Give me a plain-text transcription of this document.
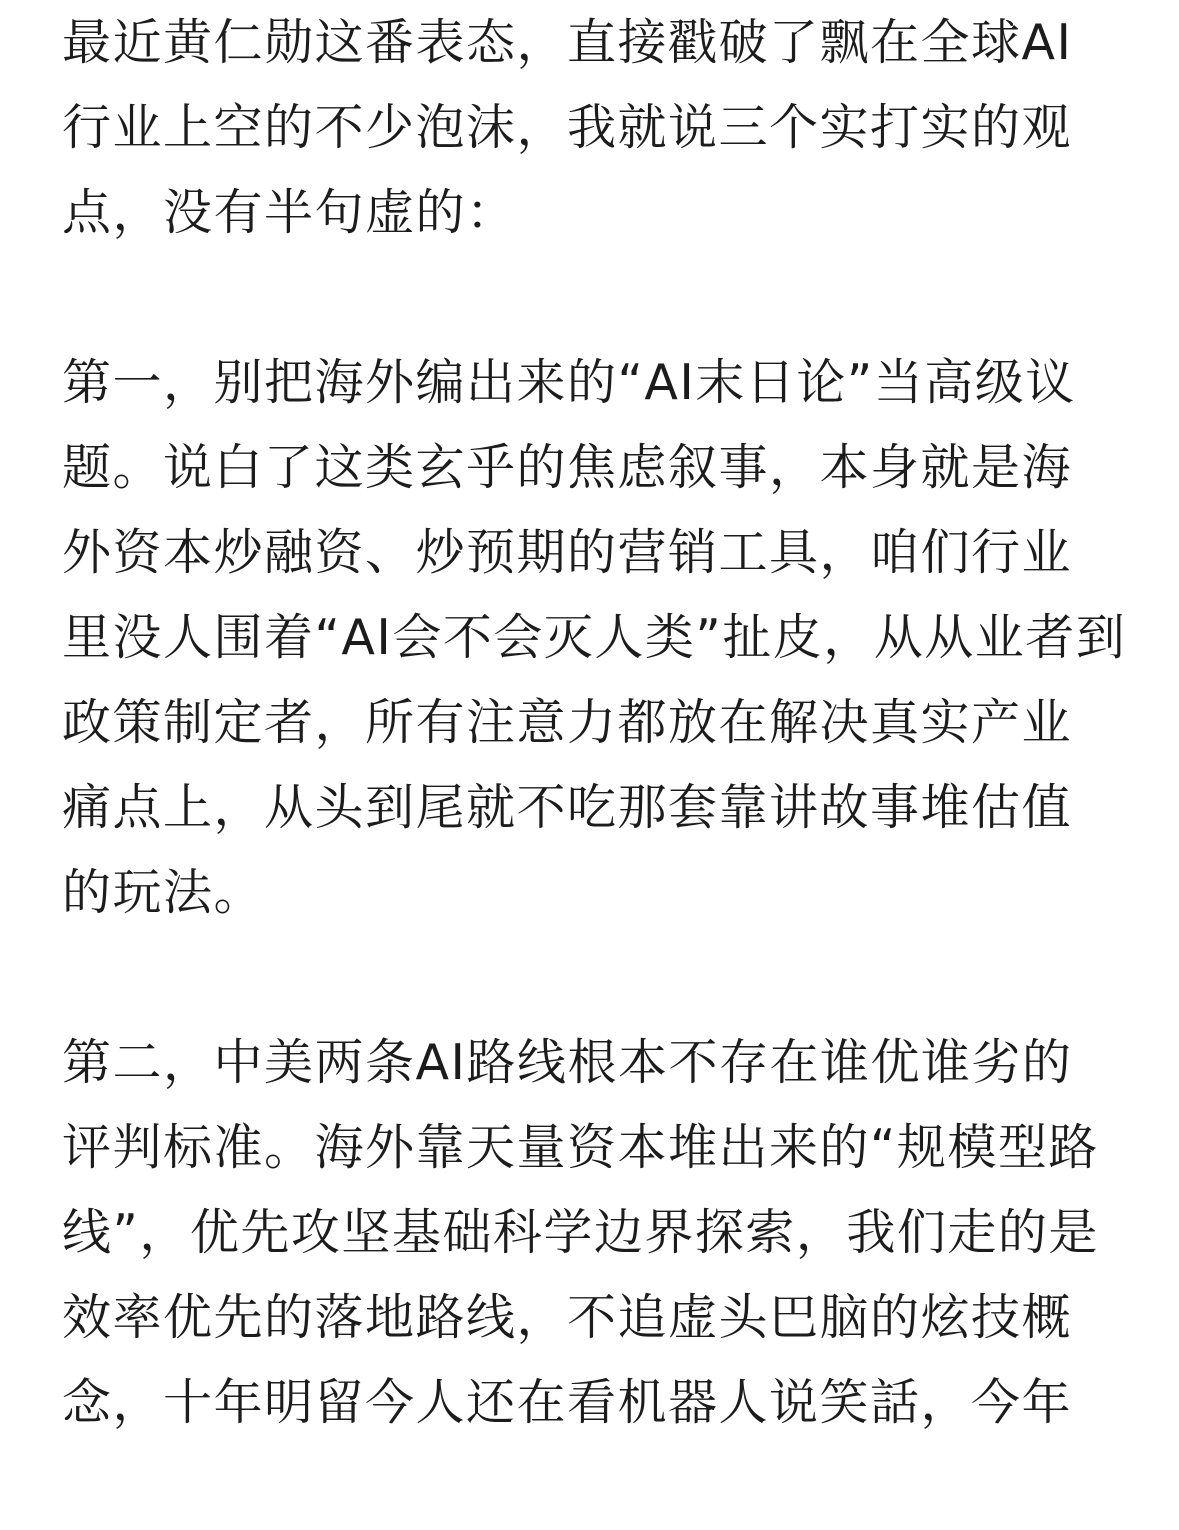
最近黄仁勋这番表态，直接戳破了飘在全球AI
行业上空的不少泡沫，我就说三个实打实的观
点，没有半句虚的：
第一，别把海外编出来的“AI末日论”当高级议
题。说白了这类玄乎的焦虑叙事，本身就是海
外资本炒融资、炒预期的营销工具，咱们行业
里没人围着“AI会不会灭人类”扯皮，从从业者到
政策制定者，所有注意力都放在解决真实产业
痛点上，从头到尾就不吃那套靠讲故事堆估值
的玩法。
第二，中美两条AI路线根本不存在谁优谁劣的
评判标准。海外靠天量资本堆出来的“规模型路
线”，优先攻坚基础科学边界探索，我们走的是
效率优先的落地路线，不追虚头巴脑的炫技概
念，十年明留今人还在看机器人说笑話，今年
